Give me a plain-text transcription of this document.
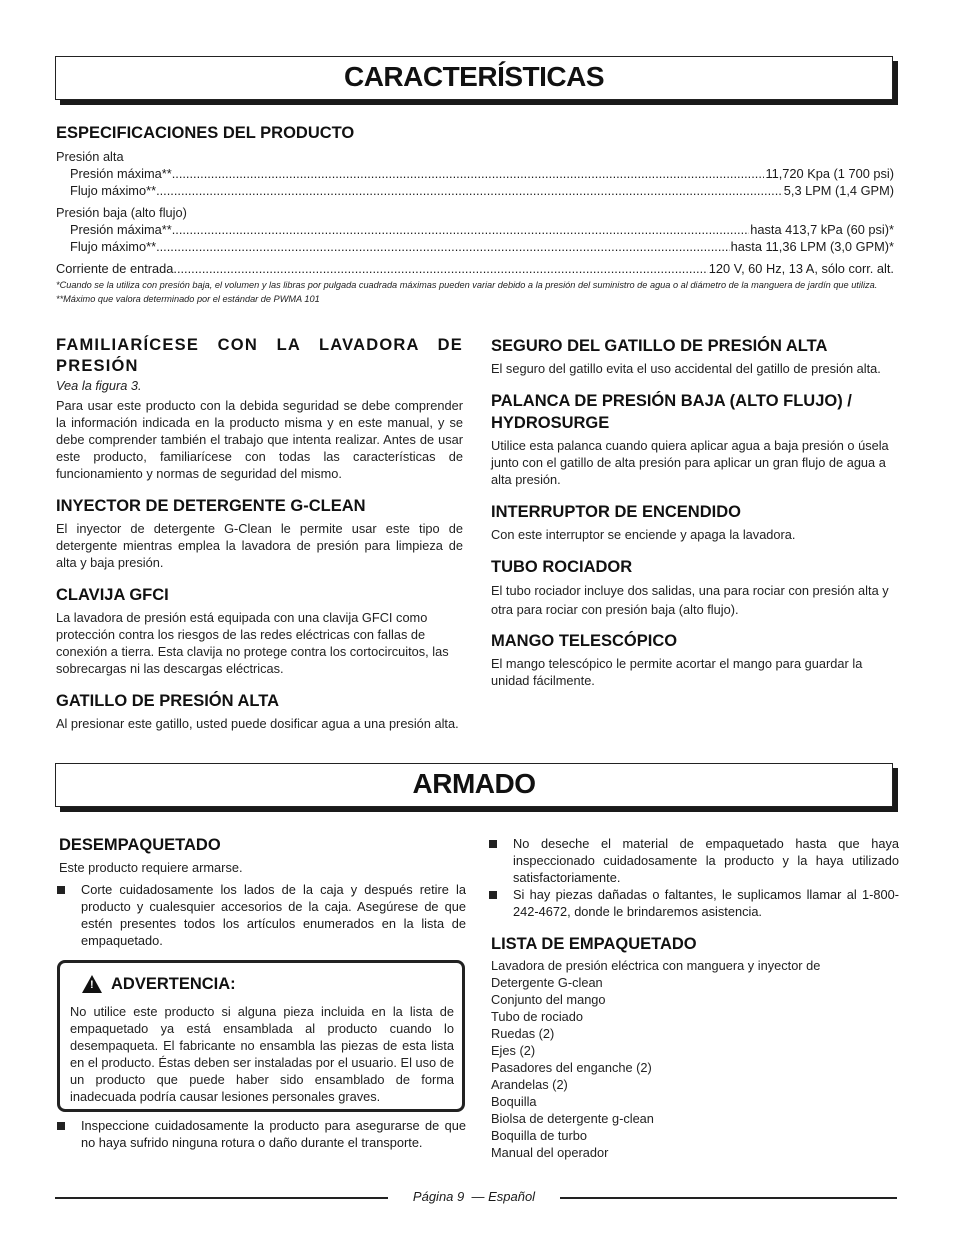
CARACTERÍSTICAS
ESPECIFICACIONES DEL PRODUCTO
Presión alta
Presión máxima** .....	11,720 Kpa (1 700 psi)
Flujo máximo** .....	5,3 LPM (1,4 GPM)
Presión baja (alto flujo)
Presión máxima** .....	hasta 413,7 kPa (60 psi)*
Flujo máximo** .....	hasta 11,36 LPM (3,0 GPM)*
Corriente de entrada .....	120 V, 60 Hz, 13 A, sólo corr. alt.
*Cuando se la utiliza con presión baja, el volumen y las libras por pulgada cuadrada máximas pueden variar debido a la presión del suministro de agua o al diámetro de la manguera de jardín que utiliza.
**Máximo que valora determinado por el estándar de PWMA 101
FAMILIARÍCESE CON LA LAVADORA DE PRESIÓN
Vea la figura 3.
Para usar este producto con la debida seguridad se debe comprender la información indicada en la producto misma y en este manual, y se debe comprender también el trabajo que intenta realizar. Antes de usar este producto, familiarícese con todas las características de funcionamiento y normas de seguridad del mismo.
INYECTOR DE DETERGENTE G-CLEAN
El inyector de detergente G-Clean le permite usar este tipo de detergente mientras emplea la lavadora de presión para limpieza de alta y baja presión.
CLAVIJA GFCI
La lavadora de presión está equipada con una clavija GFCI como protección contra los riesgos de las redes eléctricas con fallas de conexión a tierra. Esta clavija no protege contra los cortocircuitos, las sobrecargas ni las descargas eléctricas.
GATILLO DE PRESIÓN ALTA
Al presionar este gatillo, usted puede dosificar agua a una presión alta.
SEGURO DEL GATILLO DE PRESIÓN ALTA
El seguro del gatillo evita el uso accidental del gatillo de presión alta.
PALANCA DE PRESIÓN BAJA (ALTO FLUJO) / HYDROSURGE
Utilice esta palanca cuando quiera aplicar agua a baja presión o úsela junto con el gatillo de alta presión para aplicar un gran flujo de agua a alta presión.
INTERRUPTOR DE ENCENDIDO
Con este interruptor se enciende y apaga la lavadora.
TUBO ROCIADOR
El tubo rociador incluye dos salidas, una para rociar con presión alta y otra para rociar con presión baja (alto flujo).
MANGO TELESCÓPICO
El mango telescópico le permite acortar el mango para guardar la unidad fácilmente.
ARMADO
DESEMPAQUETADO
Este producto requiere armarse.
Corte cuidadosamente los lados de la caja y después retire la producto y cualesquier accesorios de la caja. Asegúrese de que estén presentes todos los artículos enumerados en la lista de empaquetado.
! ADVERTENCIA:
No utilice este producto si alguna pieza incluida en la lista de empaquetado ya está ensamblada al producto cuando lo desempaqueta. El fabricante no ensambla las piezas de esta lista en el producto. Éstas deben ser instaladas por el usuario. El uso de un producto que puede haber sido ensamblado de forma inadecuada podría causar lesiones personales graves.
Inspeccione cuidadosamente la producto para asegurarse de que no haya sufrido ninguna rotura o daño durante el transporte.
No deseche el material de empaquetado hasta que haya inspeccionado cuidadosamente la producto y la haya utilizado satisfactoriamente.
Si hay piezas dañadas o faltantes, le suplicamos llamar al 1-800-242-4672, donde le brindaremos asistencia.
LISTA DE EMPAQUETADO
Lavadora de presión eléctrica con manguera y inyector de Detergente G-clean
Conjunto del mango
Tubo de rociado
Ruedas (2)
Ejes (2)
Pasadores del enganche (2)
Arandelas (2)
Boquilla
Biolsa de detergente g-clean
Boquilla de turbo
Manual del operador
Página 9  — Español
